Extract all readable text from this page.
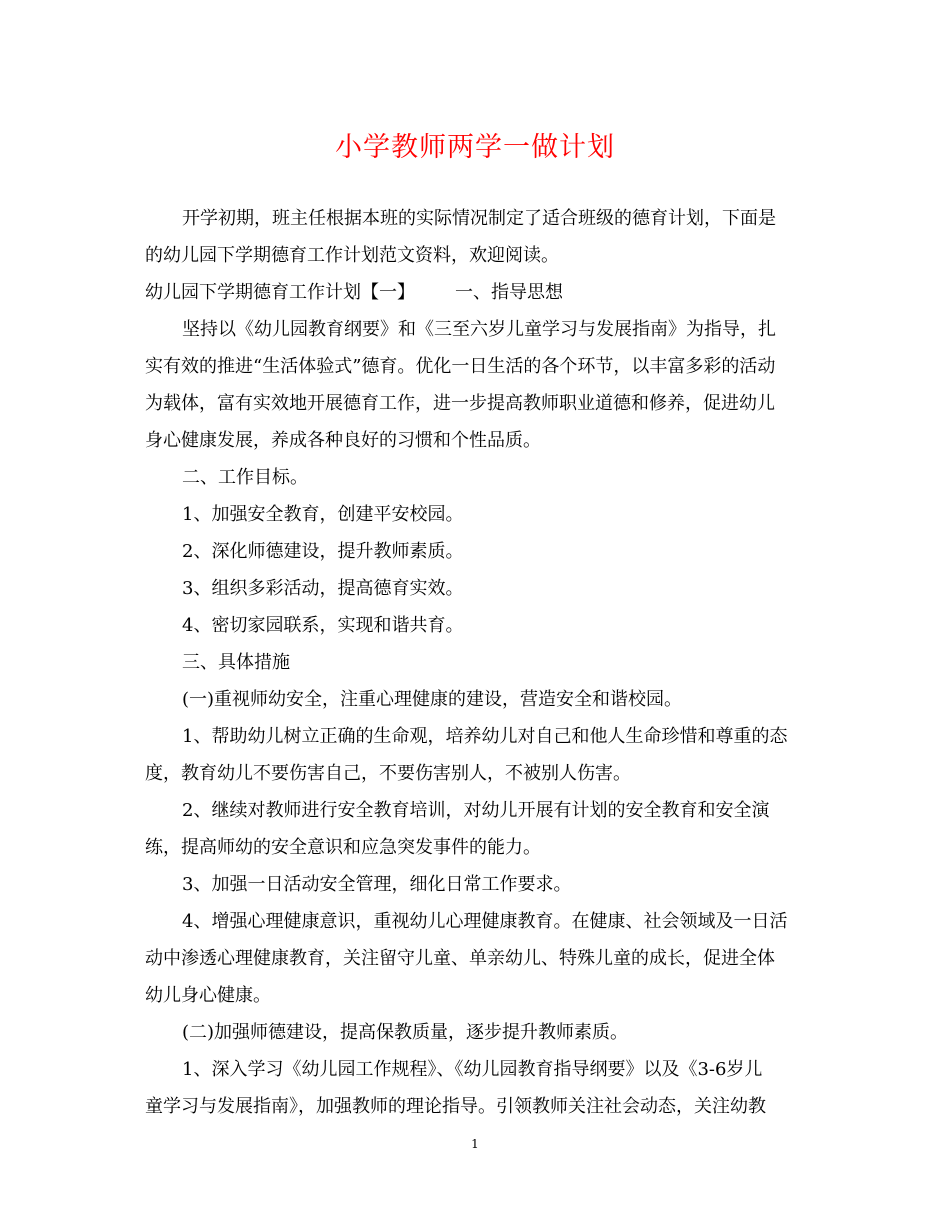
小学教师两学一做计划
开学初期，班主任根据本班的实际情况制定了适合班级的德育计划，下面是
的幼儿园下学期德育工作计划范文资料，欢迎阅读。
幼儿园下学期德育工作计划【一】 一、指导思想
坚持以《幼儿园教育纲要》和《三至六岁儿童学习与发展指南》为指导，扎
实有效的推进“生活体验式”德育。优化一日生活的各个环节，以丰富多彩的活动
为载体，富有实效地开展德育工作，进一步提高教师职业道德和修养，促进幼儿
身心健康发展，养成各种良好的习惯和个性品质。
二、工作目标。
1、加强安全教育，创建平安校园。
2、深化师德建设，提升教师素质。
3、组织多彩活动，提高德育实效。
4、密切家园联系，实现和谐共育。
三、具体措施
(一)重视师幼安全，注重心理健康的建设，营造安全和谐校园。
1、帮助幼儿树立正确的生命观，培养幼儿对自己和他人生命珍惜和尊重的态
度，教育幼儿不要伤害自己，不要伤害别人，不被别人伤害。
2、继续对教师进行安全教育培训，对幼儿开展有计划的安全教育和安全演
练，提高师幼的安全意识和应急突发事件的能力。
3、加强一日活动安全管理，细化日常工作要求。
4、增强心理健康意识，重视幼儿心理健康教育。在健康、社会领域及一日活
动中渗透心理健康教育，关注留守儿童、单亲幼儿、特殊儿童的成长，促进全体
幼儿身心健康。
(二)加强师德建设，提高保教质量，逐步提升教师素质。
1、深入学习《幼儿园工作规程》、《幼儿园教育指导纲要》以及《3-6岁儿
童学习与发展指南》，加强教师的理论指导。引领教师关注社会动态，关注幼教
1
